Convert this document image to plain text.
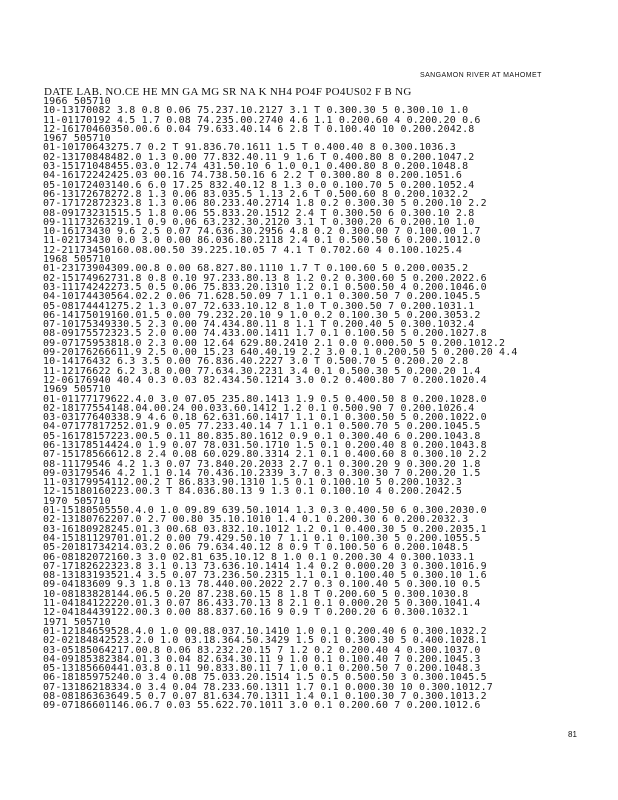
SANGAMON RIVER AT MAHOMET
DATE LAB. NO.CE HE MN GA MG SR NA K NH4 PO4F PO4US02 F B NG
1966 505710
10-13170082 3.8 0.8 0.06 75.237.10.2127 3.1 T 0.300.30 5 0.300.10 1.0
11-01170192 4.5 1.7 0.08 74.235.00.2740 4.6 1.1 0.200.60 4 0.200.20 0.6
12-16170460350.00.6 0.04 79.633.40.14 6 2.8 T 0.100.40 10 0.200.2042.8
1967 505710
01-10170643275.7 0.2 T 91.836.70.1611 1.5 T 0.400.40 8 0.300.1036.3
02-13170848482.0 1.3 0.00 77.832.40.11 9 1.6 T 0.400.80 8 0.200.1047.2
03-15171048455.03.0 12.74 431.50.10 6 1.0 0.1 0.400.80 8 0.200.1048.8
04-16172242425.03 00.16 74.738.50.16 6 2.2 T 0.300.80 8 0.200.1051.6
05-10172403140.6 6.0 17.25 832.40.12 8 1.3 0.0 0.100.70 5 0.200.1052.4
06-13172678272.8 1.3 0.06 83.035.5 1.13 2.6 T 0.500.60 8 0.200.1032.2
07-17172872323.8 1.3 0.06 80.233.40.2714 1.8 0.2 0.300.30 5 0.200.10 2.2
08-09173231515.5 1.8 0.06 55.833.20.1512 2.4 T 0.300.50 6 0.300.10 2.8
09-11173263219.1 0.9 0.06 63.232.30.2120 3.1 T 0.300.20 6 0.200.10 1.0
10-16173430 9.6 2.5 0.07 74.636.30.2956 4.8 0.2 0.300.00 7 0.100.00 1.7
11-02173430 0.0 3.0 0.00 86.036.80.2118 2.4 0.1 0.500.50 6 0.200.1012.0
12-21173450160.08.00.50 39.225.10.05 7 4.1 T 0.702.60 4 0.100.1025.4
1968 505710
01-23173904309.00.8 0.00 68.827.80.1110 1.7 T 0.100.60 5 0.200.0035.2
02-15174962731.8 0.8 0.10 97.233.80.13 8 1.2 0.2 0.300.60 5 0.200.2022.6
03-11174242273.5 0.5 0.06 75.833.20.1310 1.2 0.1 0.500.50 4 0.200.1046.0
04-10174430564.02.2 0.06 71.628.50.09 7 1.1 0.1 0.300.50 7 0.200.1045.5
05-08174441275.2 1.3 0.07 72.633.10.12 8 1.0 T 0.300.50 7 0.200.1031.1
06-14175019160.01.5 0.00 79.232.20.10 9 1.0 0.2 0.100.30 5 0.200.3053.2
07-10175349330.5 2.3 0.00 74.434.80.11 8 1.1 T 0.200.40 5 0.300.1032.4
08-09175572323.5 2.0 0.00 74.433.00.1411 1.7 0.1 0.100.50 5 0.200.1027.8
09-07175953818.0 2.3 0.00 12.64 629.80.2410 2.1 0.0 0.000.50 5 0.200.1012.2
09-20176266611.9 2.5 0.00 15.23 640.40.19 2.2 3.0 0.1 0.200.50 5 0.200.20 4.4
10-14176432 6.3 3.5 0.00 76.836.40.2227 3.0 T 0.500.70 5 0.200.20 2.8
11-12176622 6.2 3.8 0.00 77.634.30.2231 3.4 0.1 0.500.30 5 0.200.20 1.4
12-06176940 40.4 0.3 0.03 82.434.50.1214 3.0 0.2 0.400.80 7 0.200.1020.4
1969 505710
01-01177179622.4.0 3.0 07.05 235.80.1413 1.9 0.5 0.400.50 8 0.200.1028.0
02-18177554148.04.00.24 00.033.60.1412 1.2 0.1 0.500.90 7 0.200.1026.4
03-03177640338.9 4.6 0.18 62.631.60.1417 1.1 0.1 0.300.50 5 0.200.1022.0
04-07177817252.01.9 0.05 77.233.40.14 7 1.1 0.1 0.500.70 5 0.200.1045.5
05-16178157223.00.5 0.11 80.835.80.1612 0.9 0.1 0.300.40 6 0.200.1043.8
06-13178514424.0 1.9 0.07 78.031.50.1710 1.5 0.1 0.200.40 8 0.200.1043.8
07-15178566612.8 2.4 0.08 60.029.80.3314 2.1 0.1 0.400.60 8 0.300.10 2.2
08-11179546 4.2 1.3 0.07 73.840.20.2033 2.7 0.1 0.300.20 9 0.300.20 1.8
09-03179546 4.2 1.1 0.14 70.436.10.2339 3.7 0.3 0.300.30 7 0.200.20 1.5
11-03179954112.00.2 T 86.833.90.1310 1.5 0.1 0.100.10 5 0.200.1032.3
12-15180160223.00.3 T 84.036.80.13 9 1.3 0.1 0.100.10 4 0.200.2042.5
1970 505710
01-15180505550.4.0 1.0 09.89 639.50.1014 1.3 0.3 0.400.50 6 0.300.2030.0
02-13180762207.0 2.7 00.80 35.10.1010 1.4 0.1 0.200.30 6 0.200.2032.3
03-16180928245.01.3 00.68 03.832.10.1012 1.2 0.1 0.400.30 5 0.200.2035.1
04-15181129701.01.2 0.00 79.429.50.10 7 1.1 0.1 0.100.30 5 0.200.1055.5
05-20181734214.03.2 0.06 79.634.40.12 8 0.9 T 0.100.50 6 0.200.1048.5
06-08182072160.3 3.0 02.81 635.10.12 8 1.0 0.1 0.200.30 4 0.300.1033.1
07-17182622323.8 3.1 0.13 73.636.10.1414 1.4 0.2 0.000.20 3 0.300.1016.9
08-13183193521.4 3.5 0.07 73.236.50.2315 1.1 0.1 0.100.40 5 0.300.10 1.6
09-04183609 9.3 1.8 0.13 78.440.00.2022 2.7 0.3 0.100.40 5 0.300.10 0.5
10-08183828144.06.5 0.20 87.238.60.15 8 1.8 T 0.200.60 5 0.300.1030.8
11-04184122220.01.3 0.07 86.433.70.13 8 2.1 0.1 0.000.20 5 0.300.1041.4
12-04184439122.00.3 0.00 88.837.60.16 9 0.9 T 0.200.20 6 0.300.1032.1
1971 505710
01-12184659528.4.0 1.0 00.88.037.10.1410 1.0 0.1 0.200.40 6 0.300.1032.2
02-02184842523.2.0 1.0 03.18.364.50.3429 1.5 0.1 0.300.30 5 0.400.1028.1
03-05185064217.00.8 0.06 83.232.20.15 7 1.2 0.2 0.200.40 4 0.300.1037.0
04-09185382384.01.3 0.04 82.634.30.11 9 1.0 0.1 0.100.40 7 0.200.1045.3
05-13185660441.03.8 0.11 90.833.80.11 7 1.0 0.1 0.200.50 7 0.200.1048.3
06-18185975240.0 3.4 0.08 75.033.20.1514 1.5 0.5 0.500.50 3 0.300.1045.5
07-13186218334.0 3.4 0.04 78.233.60.1311 1.7 0.1 0.000.30 10 0.300.1012.7
08-08186363649.5 0.7 0.07 81.634.70.1311 1.4 0.1 0.100.30 7 0.300.1013.2
09-07186601146.06.7 0.03 55.622.70.1011 3.0 0.1 0.200.60 7 0.200.1012.6
81
